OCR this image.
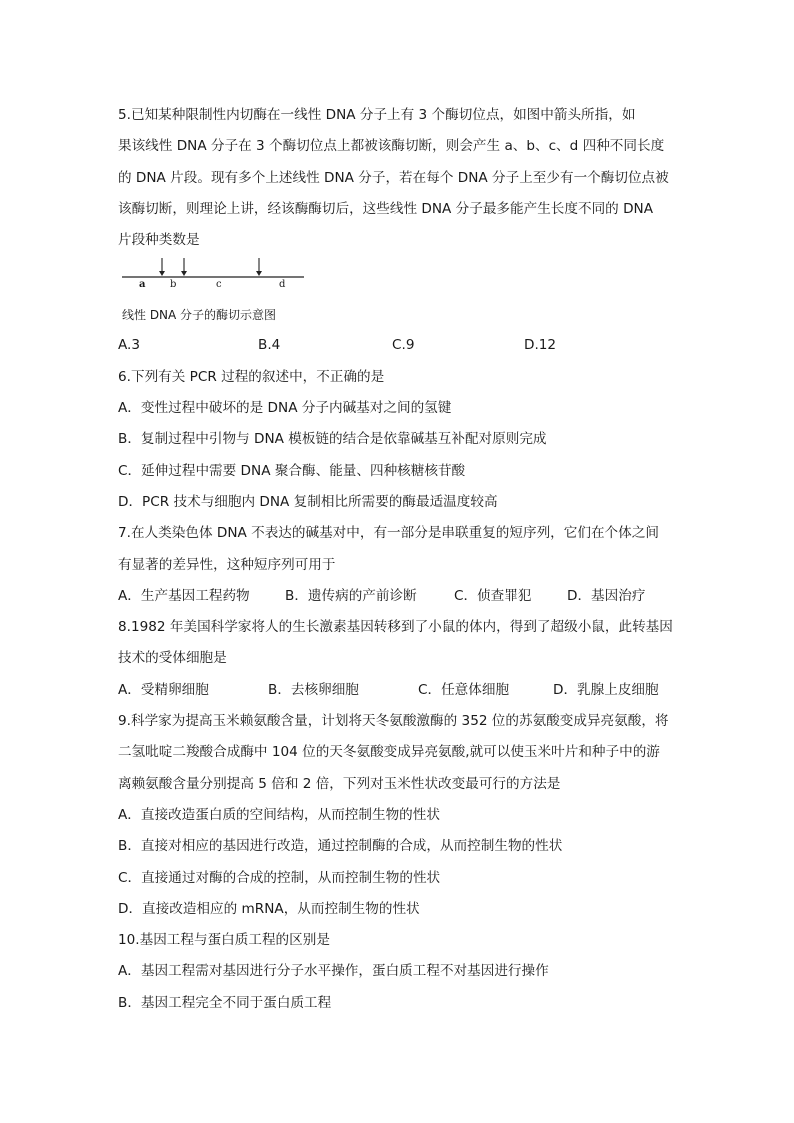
5.已知某种限制性内切酶在一线性 DNA 分子上有 3 个酶切位点，如图中箭头所指，如
果该线性 DNA 分子在 3 个酶切位点上都被该酶切断，则会产生 a、b、c、d 四种不同长度
的 DNA 片段。现有多个上述线性 DNA 分子，若在每个 DNA 分子上至少有一个酶切位点被
该酶切断，则理论上讲，经该酶酶切后，这些线性 DNA 分子最多能产生长度不同的 DNA
片段种类数是
a b	c	d
线性 DNA 分子的酶切示意图
A.3	B.4	C.9	D.12
6.下列有关 PCR 过程的叙述中，不正确的是
A．变性过程中破坏的是 DNA 分子内碱基对之间的氢键
B．复制过程中引物与 DNA 模板链的结合是依靠碱基互补配对原则完成
C．延伸过程中需要 DNA 聚合酶、能量、四种核糖核苷酸
D．PCR 技术与细胞内 DNA 复制相比所需要的酶最适温度较高
7.在人类染色体 DNA 不表达的碱基对中，有一部分是串联重复的短序列，它们在个体之间
有显著的差异性，这种短序列可用于
A．生产基因工程药物	B．遗传病的产前诊断	C．侦查罪犯	D．基因治疗
8.1982 年美国科学家将人的生长激素基因转移到了小鼠的体内，得到了超级小鼠，此转基因
技术的受体细胞是
A．受精卵细胞	B．去核卵细胞	C．任意体细胞	D．乳腺上皮细胞
9.科学家为提高玉米赖氨酸含量，计划将天冬氨酸激酶的 352 位的苏氨酸变成异亮氨酸，将
二氢吡啶二羧酸合成酶中 104 位的天冬氨酸变成异亮氨酸,就可以使玉米叶片和种子中的游
离赖氨酸含量分别提高 5 倍和 2 倍，下列对玉米性状改变最可行的方法是
A．直接改造蛋白质的空间结构，从而控制生物的性状
B．直接对相应的基因进行改造，通过控制酶的合成，从而控制生物的性状
C．直接通过对酶的合成的控制，从而控制生物的性状
D．直接改造相应的 mRNA，从而控制生物的性状
10.基因工程与蛋白质工程的区别是
A．基因工程需对基因进行分子水平操作，蛋白质工程不对基因进行操作
B．基因工程完全不同于蛋白质工程
